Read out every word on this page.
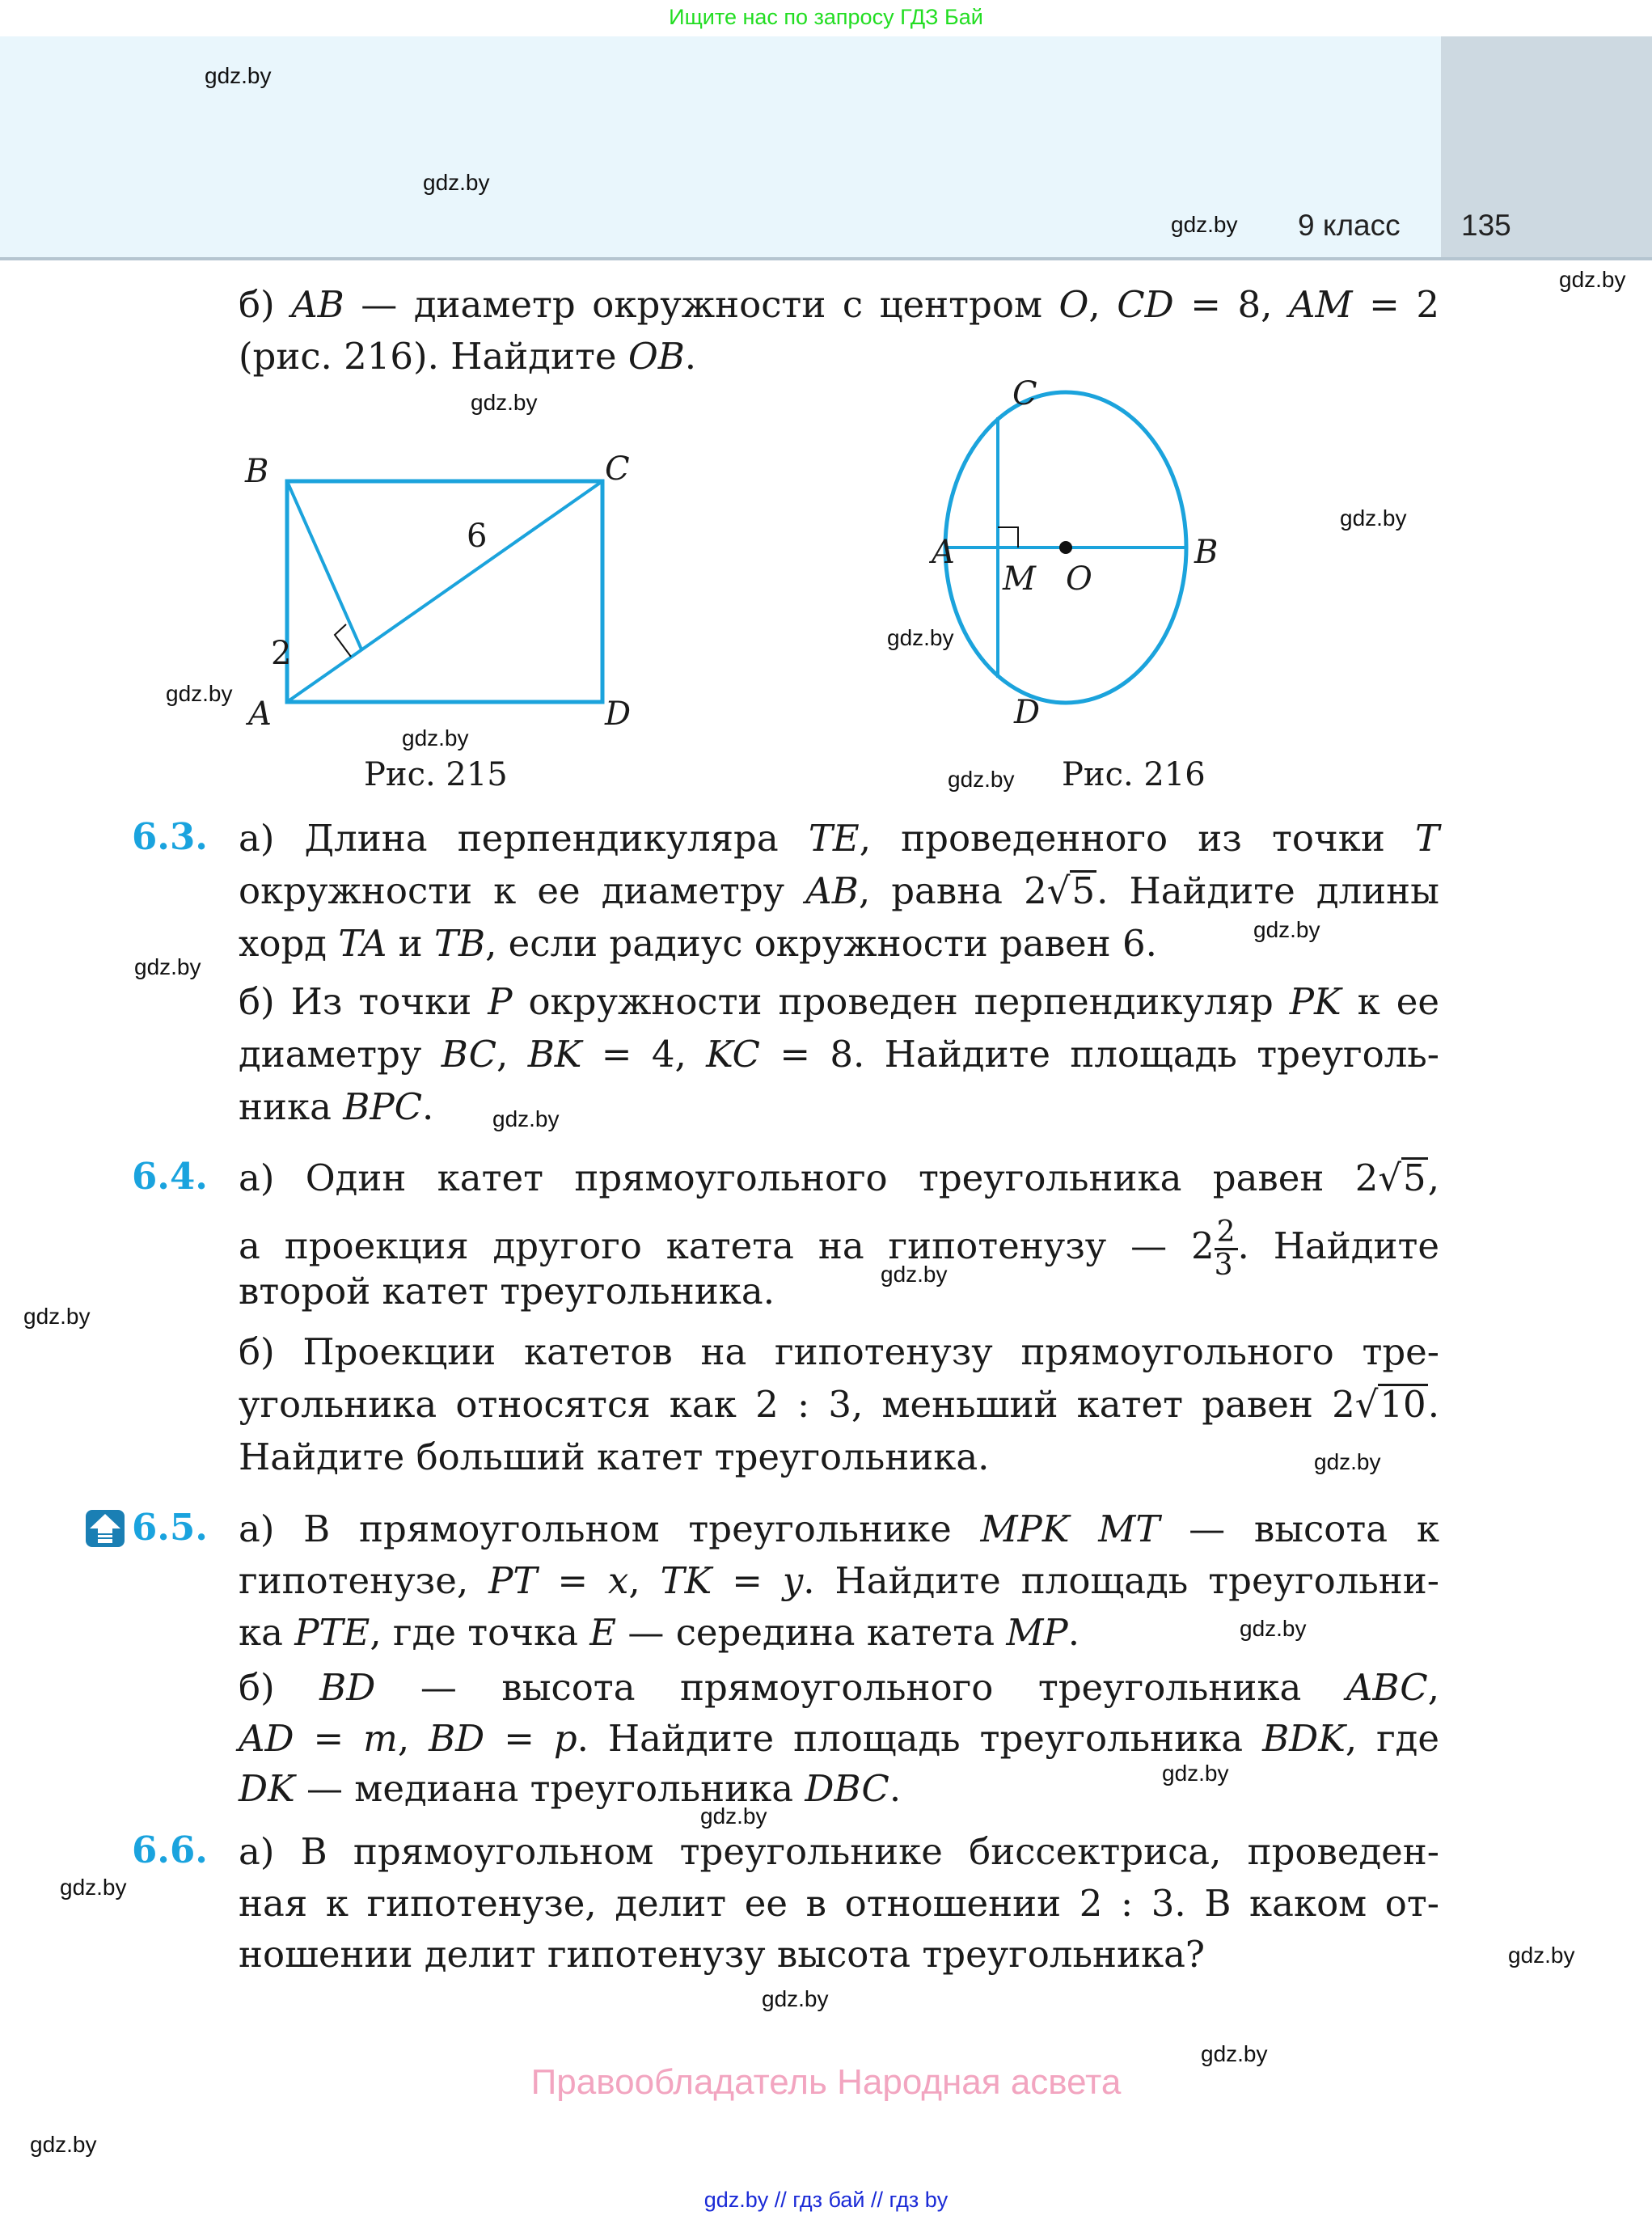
Ищите нас по запросу ГДЗ Бай
9 класс 135
gdz.by
gdz.by
gdz.by
gdz.by
gdz.by
gdz.by
gdz.by
gdz.by
gdz.by
gdz.by
gdz.by
gdz.by
gdz.by
gdz.by
gdz.by
gdz.by
gdz.by
gdz.by
gdz.by
gdz.by
gdz.by
gdz.by
gdz.by
gdz.by
б) AB — диаметр окружности с центром O, CD = 8, AM = 2
(рис. 216). Найдите OB.
B	C
A	D
6
2
Рис. 215
C
A	B
M O
D
Рис. 216
6.3. а) Длина перпендикуляра TE, проведенного из точки T
окружности к ее диаметру AB, равна 2√5. Найдите длины
хорд TA и TB, если радиус окружности равен 6.
б) Из точки P окружности проведен перпендикуляр PK к ее
диаметру BC, BK = 4, KC = 8. Найдите площадь треуголь-
ника BPC.
6.4. а) Один катет прямоугольного треугольника равен 2√5,
а проекция другого катета на гипотенузу — $2 \frac{2}{3}$ . Найдите
второй катет треугольника.
б) Проекции катетов на гипотенузу прямоугольного тре-
угольника относятся как 2 : 3, меньший катет равен 2√10.
Найдите больший катет треугольника.
6.5. а) В прямоугольном треугольнике MPK MT — высота к
гипотенузе, PT = x, TK = y. Найдите площадь треугольни-
ка PTE, где точка E — середина катета MP.
б) BD — высота прямоугольного треугольника ABC,
AD = m, BD = p. Найдите площадь треугольника BDK, где
DK — медиана треугольника DBC.
6.6. а) В прямоугольном треугольнике биссектриса, проведен-
ная к гипотенузе, делит ее в отношении 2 : 3. В каком от-
ношении делит гипотенузу высота треугольника?
Правообладатель Народная асвета
gdz.by // гдз бай // гдз by
